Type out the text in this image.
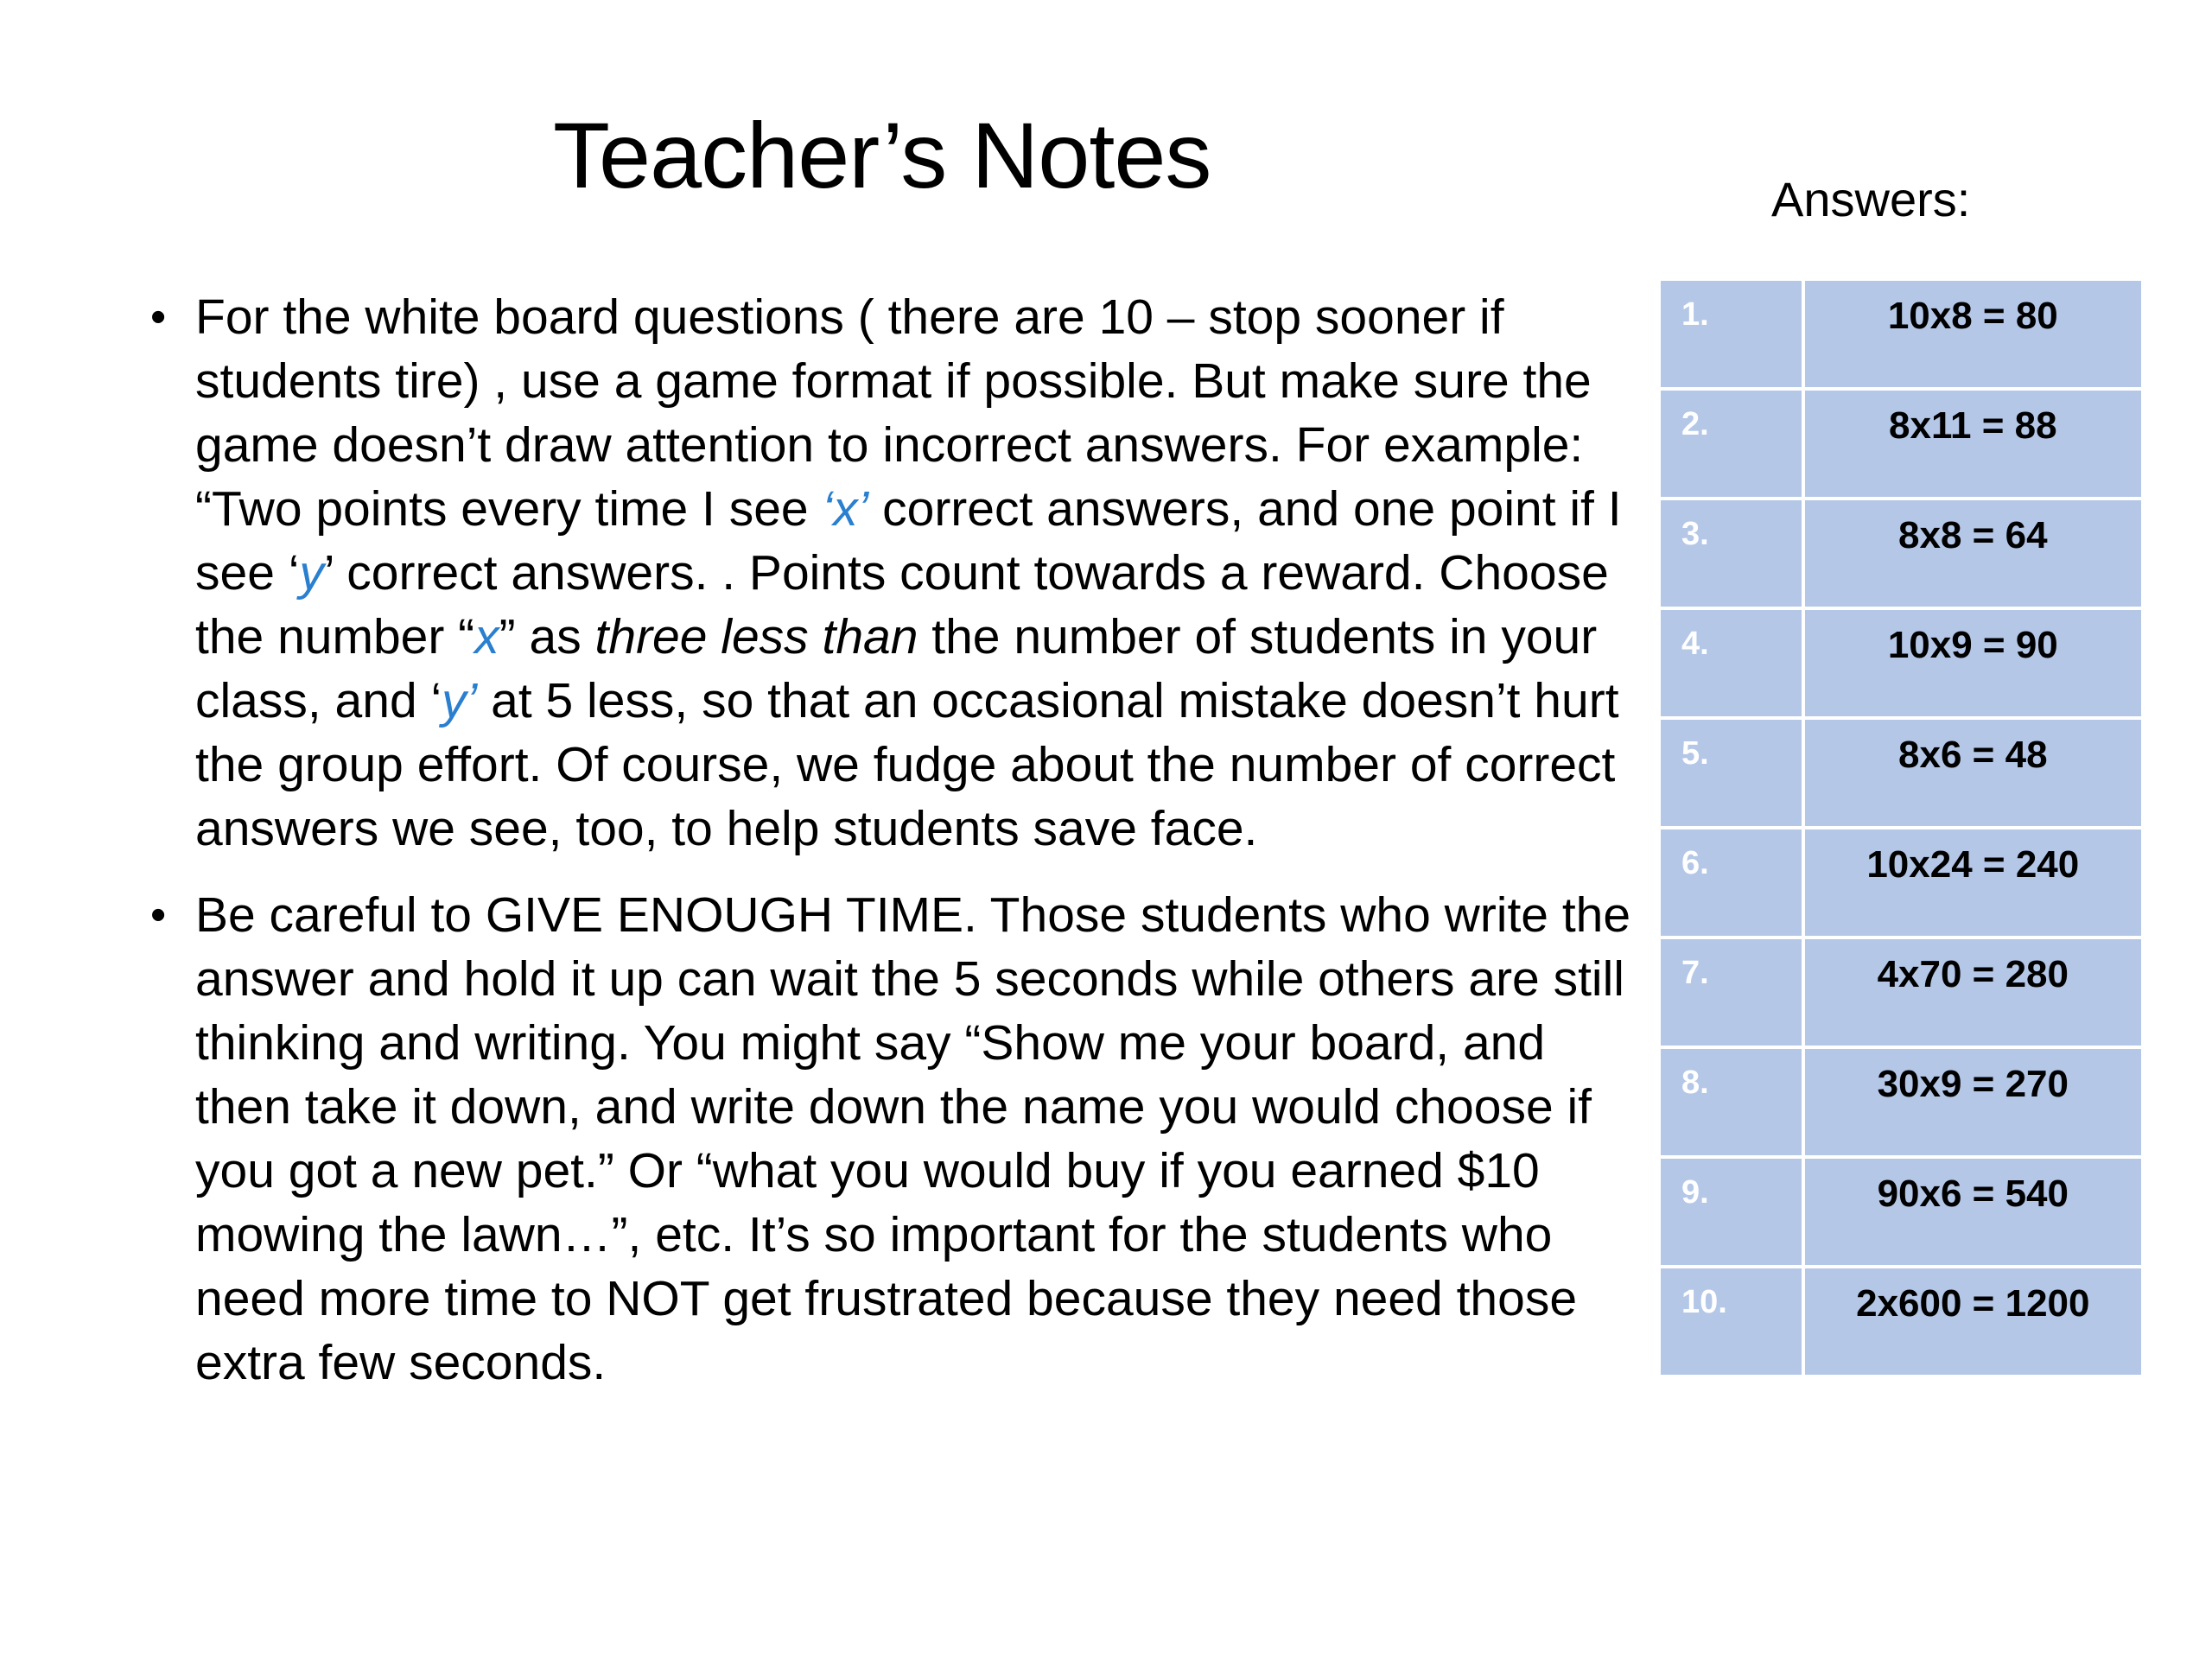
Teacher’s Notes	Answers:
• For the white board questions ( there are 10 – stop sooner if students tire) , use a game format if possible. But make sure the game doesn’t draw attention to incorrect answers. For example: “Two points every time I see ‘x’ correct answers, and one point if I see ‘y’ correct answers. . Points count towards a reward. Choose the number “x” as three less than the number of students in your class, and ‘y’ at 5 less, so that an occasional mistake doesn’t hurt the group effort. Of course, we fudge about the number of correct answers we see, too, to help students save face.
• Be careful to GIVE ENOUGH TIME. Those students who write the answer and hold it up can wait the 5 seconds while others are still thinking and writing. You might say “Show me your board, and then take it down, and write down the name you would choose if you got a new pet.” Or “what you would buy if you earned $10 mowing the lawn…”, etc. It’s so important for the students who need more time to NOT get frustrated because they need those extra few seconds.
1.	10x8 = 80
2.	8x11 = 88
3.	8x8 = 64
4.	10x9 = 90
5.	8x6 = 48
6.	10x24 = 240
7.	4x70 = 280
8.	30x9 = 270
9.	90x6 = 540
10.	2x600 = 1200
